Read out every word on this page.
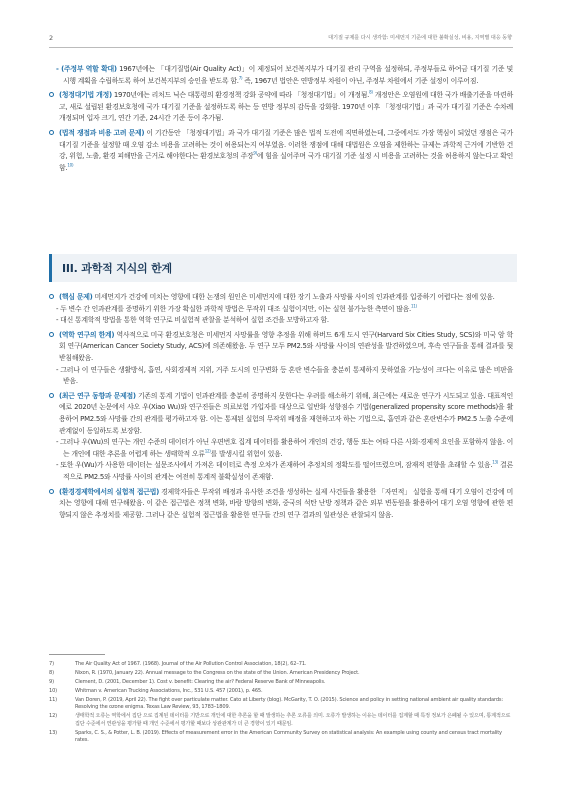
2	대기질 규제를 다시 생각함: 미세먼지 기준에 대한 불확실성, 비용, 지역별 대응 동향

- (주정부 역할 확대) 1967년에는 「대기질법(Air Quality Act)」이 제정되어 보건복지부가 대기질 관리 구역을 설정하되, 주정부들로 하여금 대기질 기준 및 시행 계획을 수립하도록 하여 보건복지부의 승인을 받도록 함.$^{7)}$ 즉, 1967년 법안은 연방정부 차원이 아닌, 주정부 차원에서 기준 설정이 이루어짐.

(청정대기법 개정) 1970년에는 리처드 닉슨 대통령의 환경정책 강화 공약에 따라 「청정대기법」이 개정됨.$^{8)}$ 개정안은 오염원에 대한 국가 배출기준을 마련하고, 새로 설립된 환경보호청에 국가 대기질 기준을 설정하도록 하는 등 연방 정부의 감독을 강화함. 1970년 이후 「청정대기법」과 국가 대기질 기준은 수차례 개정되며 입자 크기, 연간 기준, 24시간 기준 등이 추가됨.

(법적 쟁점과 비용 고려 문제) 이 기간동안 「청정대기법」과 국가 대기질 기준은 많은 법적 도전에 직면하였는데, 그중에서도 가장 핵심이 되었던 쟁점은 국가 대기질 기준을 설정할 때 오염 감소 비용을 고려하는 것이 허용되는지 여부였음. 이러한 쟁점에 대해 대법원은 오염을 제한하는 규제는 과학적 근거에 기반한 건강, 위험, 노출, 환경 피해만을 근거로 해야한다는 환경보호청의 주장$^{9)}$에 힘을 실어주며 국가 대기질 기준 설정 시 비용을 고려하는 것을 허용하지 않는다고 확인함.$^{10)}$

III. 과학적 지식의 한계

(핵심 문제) 미세먼지가 건강에 미치는 영향에 대한 논쟁의 원인은 미세먼지에 대한 장기 노출과 사망률 사이의 인과관계를 입증하기 어렵다는 점에 있음.

- 두 변수 간 인과관계를 증명하기 위한 가장 확실한 과학적 방법은 무작위 대조 실험이지만, 이는 실현 불가능한 측면이 많음.$^{11)}$

- 대신 통계학적 방법을 통한 역학 연구로 비실험적 관찰을 분석하여 실험 조건을 모방하고자 함.

(역학 연구의 한계) 역사적으로 미국 환경보호청은 미세먼지 사망률을 영향 추정을 위해 하버드 6개 도시 연구(Harvard Six Cities Study, SCS)와 미국 암 학회 연구(American Cancer Society Study, ACS)에 의존해왔음. 두 연구 모두 PM2.5와 사망률 사이의 연관성을 발견하였으며, 후속 연구들을 통해 결과를 뒷받침해왔음.

- 그러나 이 연구들은 생활방식, 흡연, 사회경제적 지위, 거주 도시의 인구변화 등 혼란 변수들을 충분히 통제하지 못하였을 가능성이 크다는 이유로 많은 비판을 받음.

(최근 연구 동향과 문제점) 기존의 통계 기법이 인과관계를 충분히 증명하지 못한다는 우려를 해소하기 위해, 최근에는 새로운 연구가 시도되고 있음. 대표적인 예로 2020년 논문에서 샤오 우(Xiao Wu)와 연구진들은 의료보험 가입자를 대상으로 일반화 성향점수 기법(generalized propensity score methods)을 활용하여 PM2.5와 사망률 간의 관계를 평가하고자 함. 이는 통제된 실험의 무작위 배정을 재현하고자 하는 기법으로, 흡연과 같은 혼란변수가 PM2.5 노출 수준에 관계없이 동일하도록 보장함.

- 그러나 우(Wu)의 연구는 개인 수준의 데이터가 아닌 우편번호 집계 데이터를 활용하여 개인의 건강, 행동 또는 여타 다른 사회·경제적 요인을 포함하지 않음. 이는 개인에 대한 추론을 어렵게 하는 생태학적 오류$^{12)}$를 발생시킬 위험이 있음.

- 또한 우(Wu)가 사용한 데이터는 설문조사에서 가져온 데이터로 측정 오차가 존재하여 추정치의 정확도를 떨어뜨렸으며, 잠재적 편향을 초래할 수 있음.$^{13)}$ 결론적으로 PM2.5와 사망률 사이의 관계는 여전히 통계적 불확실성이 존재함.

(환경경제학에서의 실험적 접근법) 경제학자들은 무작위 배정과 유사한 조건을 생성하는 실제 사건들을 활용한 「자연적」 실험을 통해 대기 오염이 건강에 미치는 영향에 대해 연구해왔음. 이 같은 접근법은 정책 변화, 바람 방향의 변화, 중국의 석탄 난방 정책과 같은 외부 변동원을 활용하여 대기 오염 영향에 관한 편향되지 않은 추정치를 제공함. 그러나 같은 실험적 접근법을 활용한 연구들 간의 연구 결과의 일관성은 관찰되지 않음.

7)	The Air Quality Act of 1967. (1968). Journal of the Air Pollution Control Association, 18(2), 62–71.
8)	Nixon, R. (1970, January 22). Annual message to the Congress on the state of the Union. American Presidency Project.
9)	Clement, D. (2001, December 1). Cost v. benefit: Clearing the air? Federal Reserve Bank of Minneapolis.
10)	Whitman v. American Trucking Associations, Inc., 531 U.S. 457 (2001), p. 465.
11)	Van Doren, P. (2019, April 22). The fight over particulate matter. Cato at Liberty (blog). McGarity, T. O. (2015). Science and policy in setting national ambient air quality standards: Resolving the ozone enigma. Texas Law Review, 93, 1783–1809.
12)	생태학적 오류는 역학에서 집단 으로 집계된 데이터를 기반으로 개인에 대한 추론을 할 때 발생하는 추론 오류를 의미. 오류가 발생하는 이유는 데이터를 집계할 때 특정 정보가 은폐될 수 있으며, 통계적으로 집단 수준에서 연관성을 평가할 때 개인 수준에서 평가할 때보다 상관관계가 더 큰 경향이 있기 때문임.
13)	Sparks, C. S., & Potter, L. B. (2019). Effects of measurement error in the American Community Survey on statistical analysis: An example using county and census tract mortality rates.
